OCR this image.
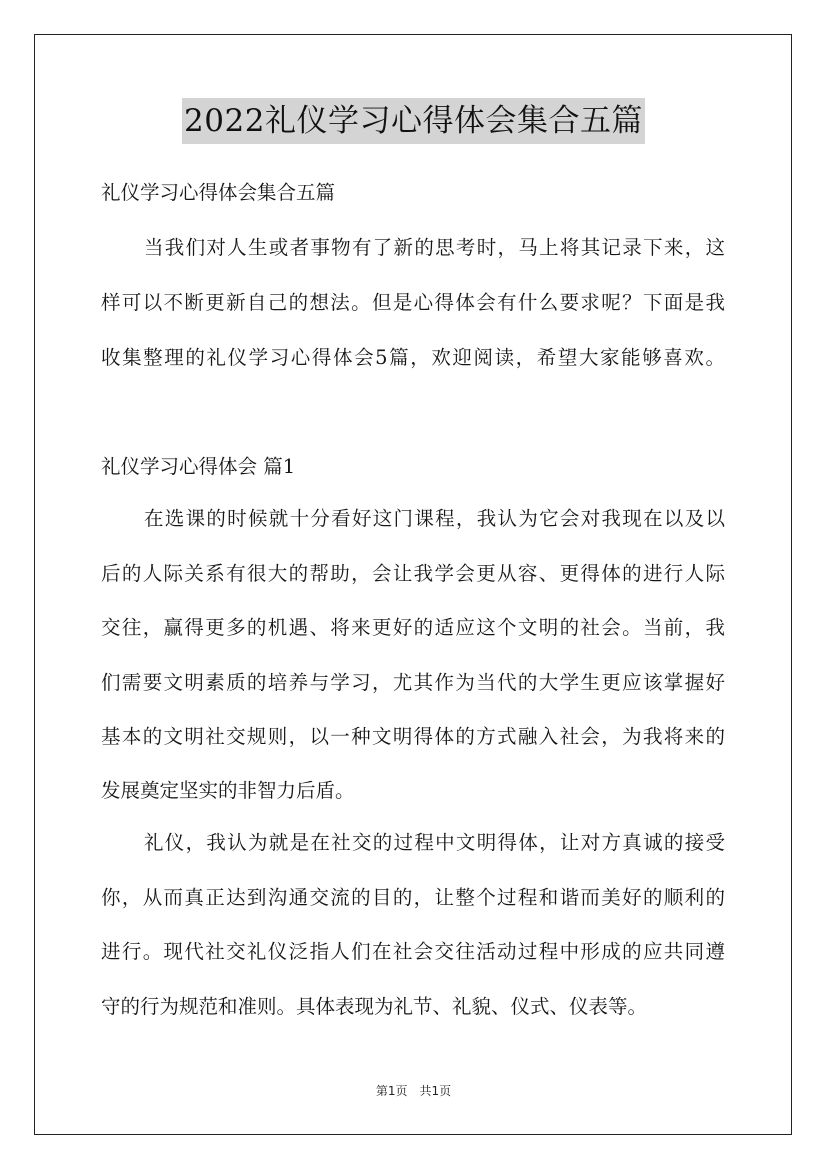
2022礼仪学习心得体会集合五篇
礼仪学习心得体会集合五篇
当我们对人生或者事物有了新的思考时，马上将其记录下来，这
样可以不断更新自己的想法。但是心得体会有什么要求呢？下面是我
收集整理的礼仪学习心得体会5篇，欢迎阅读，希望大家能够喜欢。
礼仪学习心得体会 篇1
在选课的时候就十分看好这门课程，我认为它会对我现在以及以
后的人际关系有很大的帮助，会让我学会更从容、更得体的进行人际
交往，赢得更多的机遇、将来更好的适应这个文明的社会。当前，我
们需要文明素质的培养与学习，尤其作为当代的大学生更应该掌握好
基本的文明社交规则，以一种文明得体的方式融入社会，为我将来的
发展奠定坚实的非智力后盾。
礼仪，我认为就是在社交的过程中文明得体，让对方真诚的接受
你，从而真正达到沟通交流的目的，让整个过程和谐而美好的顺利的
进行。现代社交礼仪泛指人们在社会交往活动过程中形成的应共同遵
守的行为规范和准则。具体表现为礼节、礼貌、仪式、仪表等。
第1页 共1页
